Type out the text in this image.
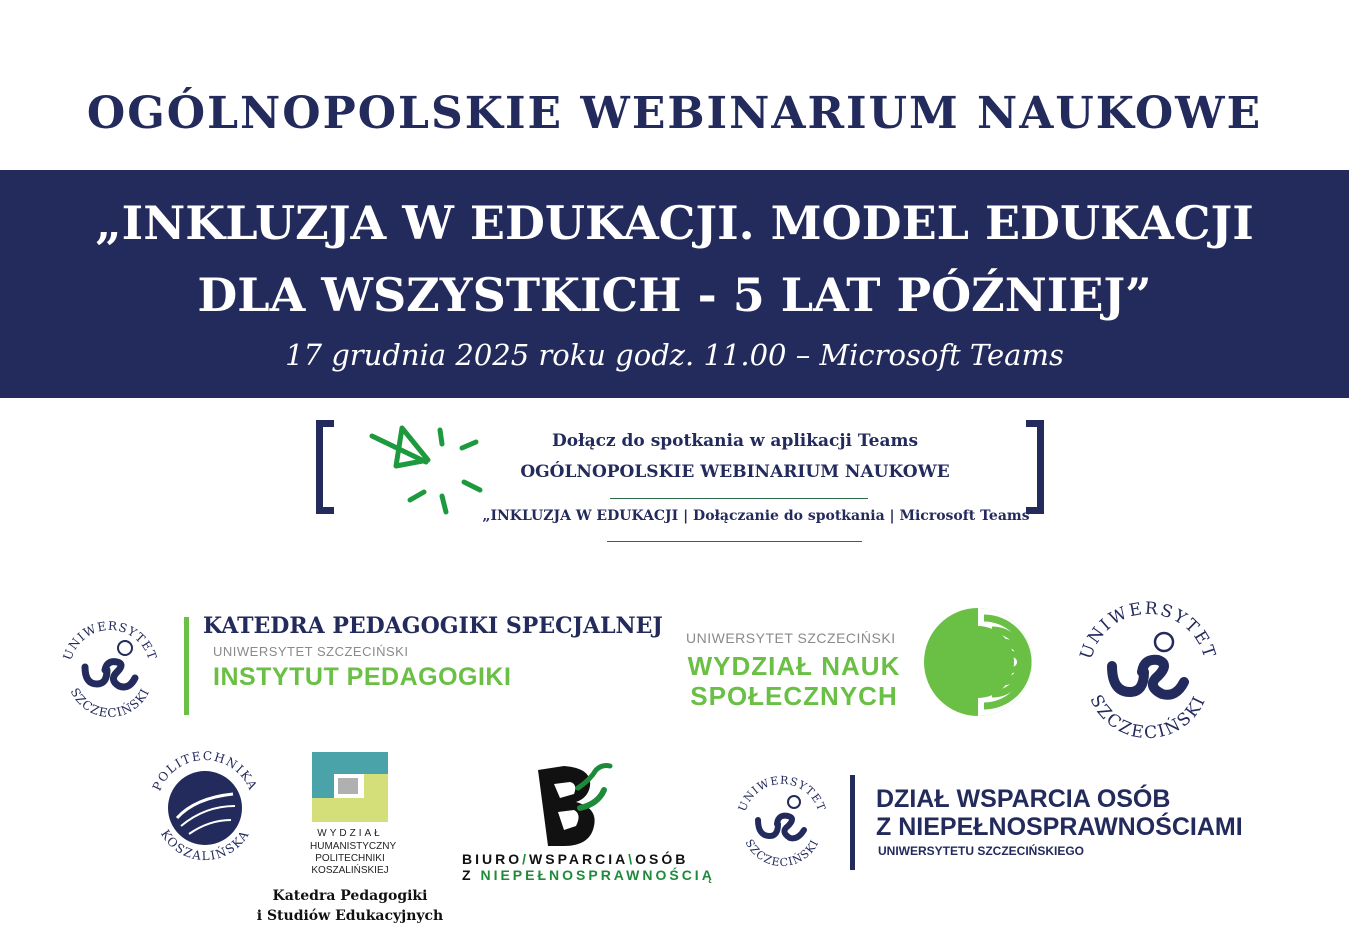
OGÓLNOPOLSKIE WEBINARIUM NAUKOWE
„INKLUZJA W EDUKACJI. MODEL EDUKACJI
DLA WSZYSTKICH - 5 LAT PÓŹNIEJ”
17 grudnia 2025 roku godz. 11.00 – Microsoft Teams
Dołącz do spotkania w aplikacji Teams
OGÓLNOPOLSKIE WEBINARIUM NAUKOWE
„INKLUZJA W EDUKACJI | Dołączanie do spotkania | Microsoft Teams
UNIWERSYTET
SZCZECIŃSKI
KATEDRA PEDAGOGIKI SPECJALNEJ
UNIWERSYTET SZCZECIŃSKI
INSTYTUT PEDAGOGIKI
UNIWERSYTET SZCZECIŃSKI
WYDZIAŁ NAUK
SPOŁECZNYCH
UNIWERSYTET
SZCZECIŃSKI
POLITECHNIKA
KOSZALIŃSKA	WYDZIAŁ
HUMANISTYCZNY
POLITECHNIKI
KOSZALIŃSKIEJ
Katedra Pedagogiki
i Studiów Edukacyjnych
BIURO/WSPARCIA\OSÓB
Z NIEPEŁNOSPRAWNOŚCIĄ
UNIWERSYTET
SZCZECIŃSKI
DZIAŁ WSPARCIA OSÓB
Z NIEPEŁNOSPRAWNOŚCIAMI
UNIWERSYTETU SZCZECIŃSKIEGO
